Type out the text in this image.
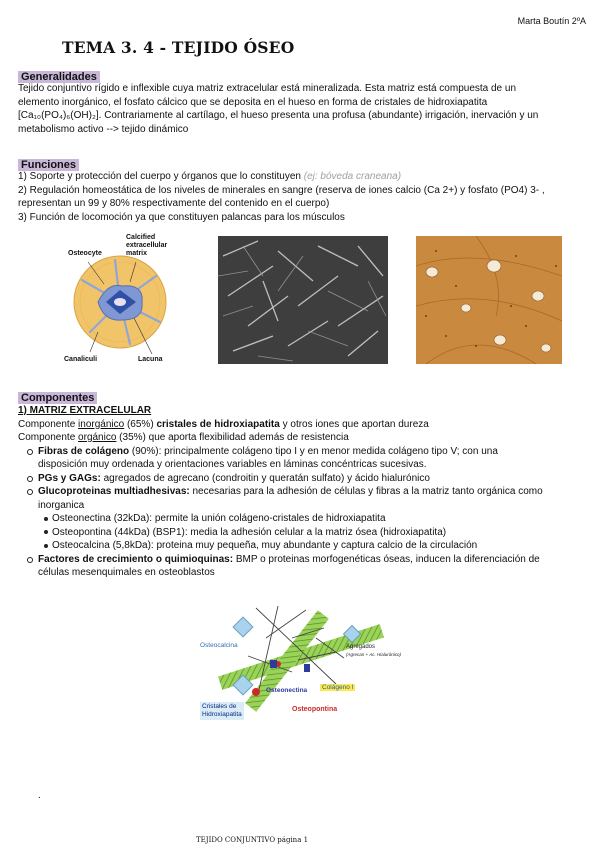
Marta Boutín 2ºA
TEMA 3. 4 - TEJIDO ÓSEO
Generalidades
Tejido conjuntivo rígido e inflexible cuya matriz extracelular está mineralizada. Esta matriz está compuesta de un
elemento inorgánico, el fosfato cálcico que se deposita en el hueso en forma de cristales de hidroxiapatita
[Ca₁₀(PO₄)₆(OH)₂]. Contrariamente al cartílago, el hueso presenta una profusa (abundante) irrigación, inervación y un
metabolismo activo --> tejido dinámico
Funciones
1) Soporte y protección del cuerpo y órganos que lo constituyen (ej: bóveda craneana)
2) Regulación homeostática de los niveles de minerales en sangre (reserva de iones calcio (Ca 2+) y fosfato (PO4) 3- ,
representan un 99 y 80% respectivamente del contenido en el cuerpo)
3) Función de locomoción ya que constituyen palancas para los músculos
Osteocyte
Calcified
extracellular
matrix
Canaliculi	Lacuna
Componentes
1) MATRIZ EXTRACELULAR
Componente inorgánico (65%) cristales de hidroxiapatita y otros iones que aportan dureza
Componente orgánico (35%) que aporta flexibilidad además de resistencia
Fibras de colágeno (90%): principalmente colágeno tipo I y en menor medida colágeno tipo V; con una
disposición muy ordenada y orientaciones variables en láminas concéntricas sucesivas.
PGs y GAGs: agregados de agrecano (condroitin y queratán sulfato) y ácido hialurónico
Glucoproteinas multiadhesivas: necesarias para la adhesión de células y fibras a la matriz tanto orgánica como
inorganica
Osteonectina (32kDa): permite la unión colágeno-cristales de hidroxiapatita
Osteopontina (44kDa) (BSP1): media la adhesión celular a la matriz ósea (hidroxiapatita)
Osteocalcina (5,8kDa): proteina muy pequeña, muy abundante y captura calcio de la circulación
Factores de crecimiento o quimioquinas: BMP o proteinas morfogenéticas óseas, inducen la diferenciación de
células mesenquimales en osteoblastos
Osteocalcina	Agregados
(Agrecan + Ac. Hialurónico)
Osteonectina	Colágeno I
Cristales de
Hidroxiapatita
Osteopontina
.
TEJIDO CONJUNTIVO página 1
